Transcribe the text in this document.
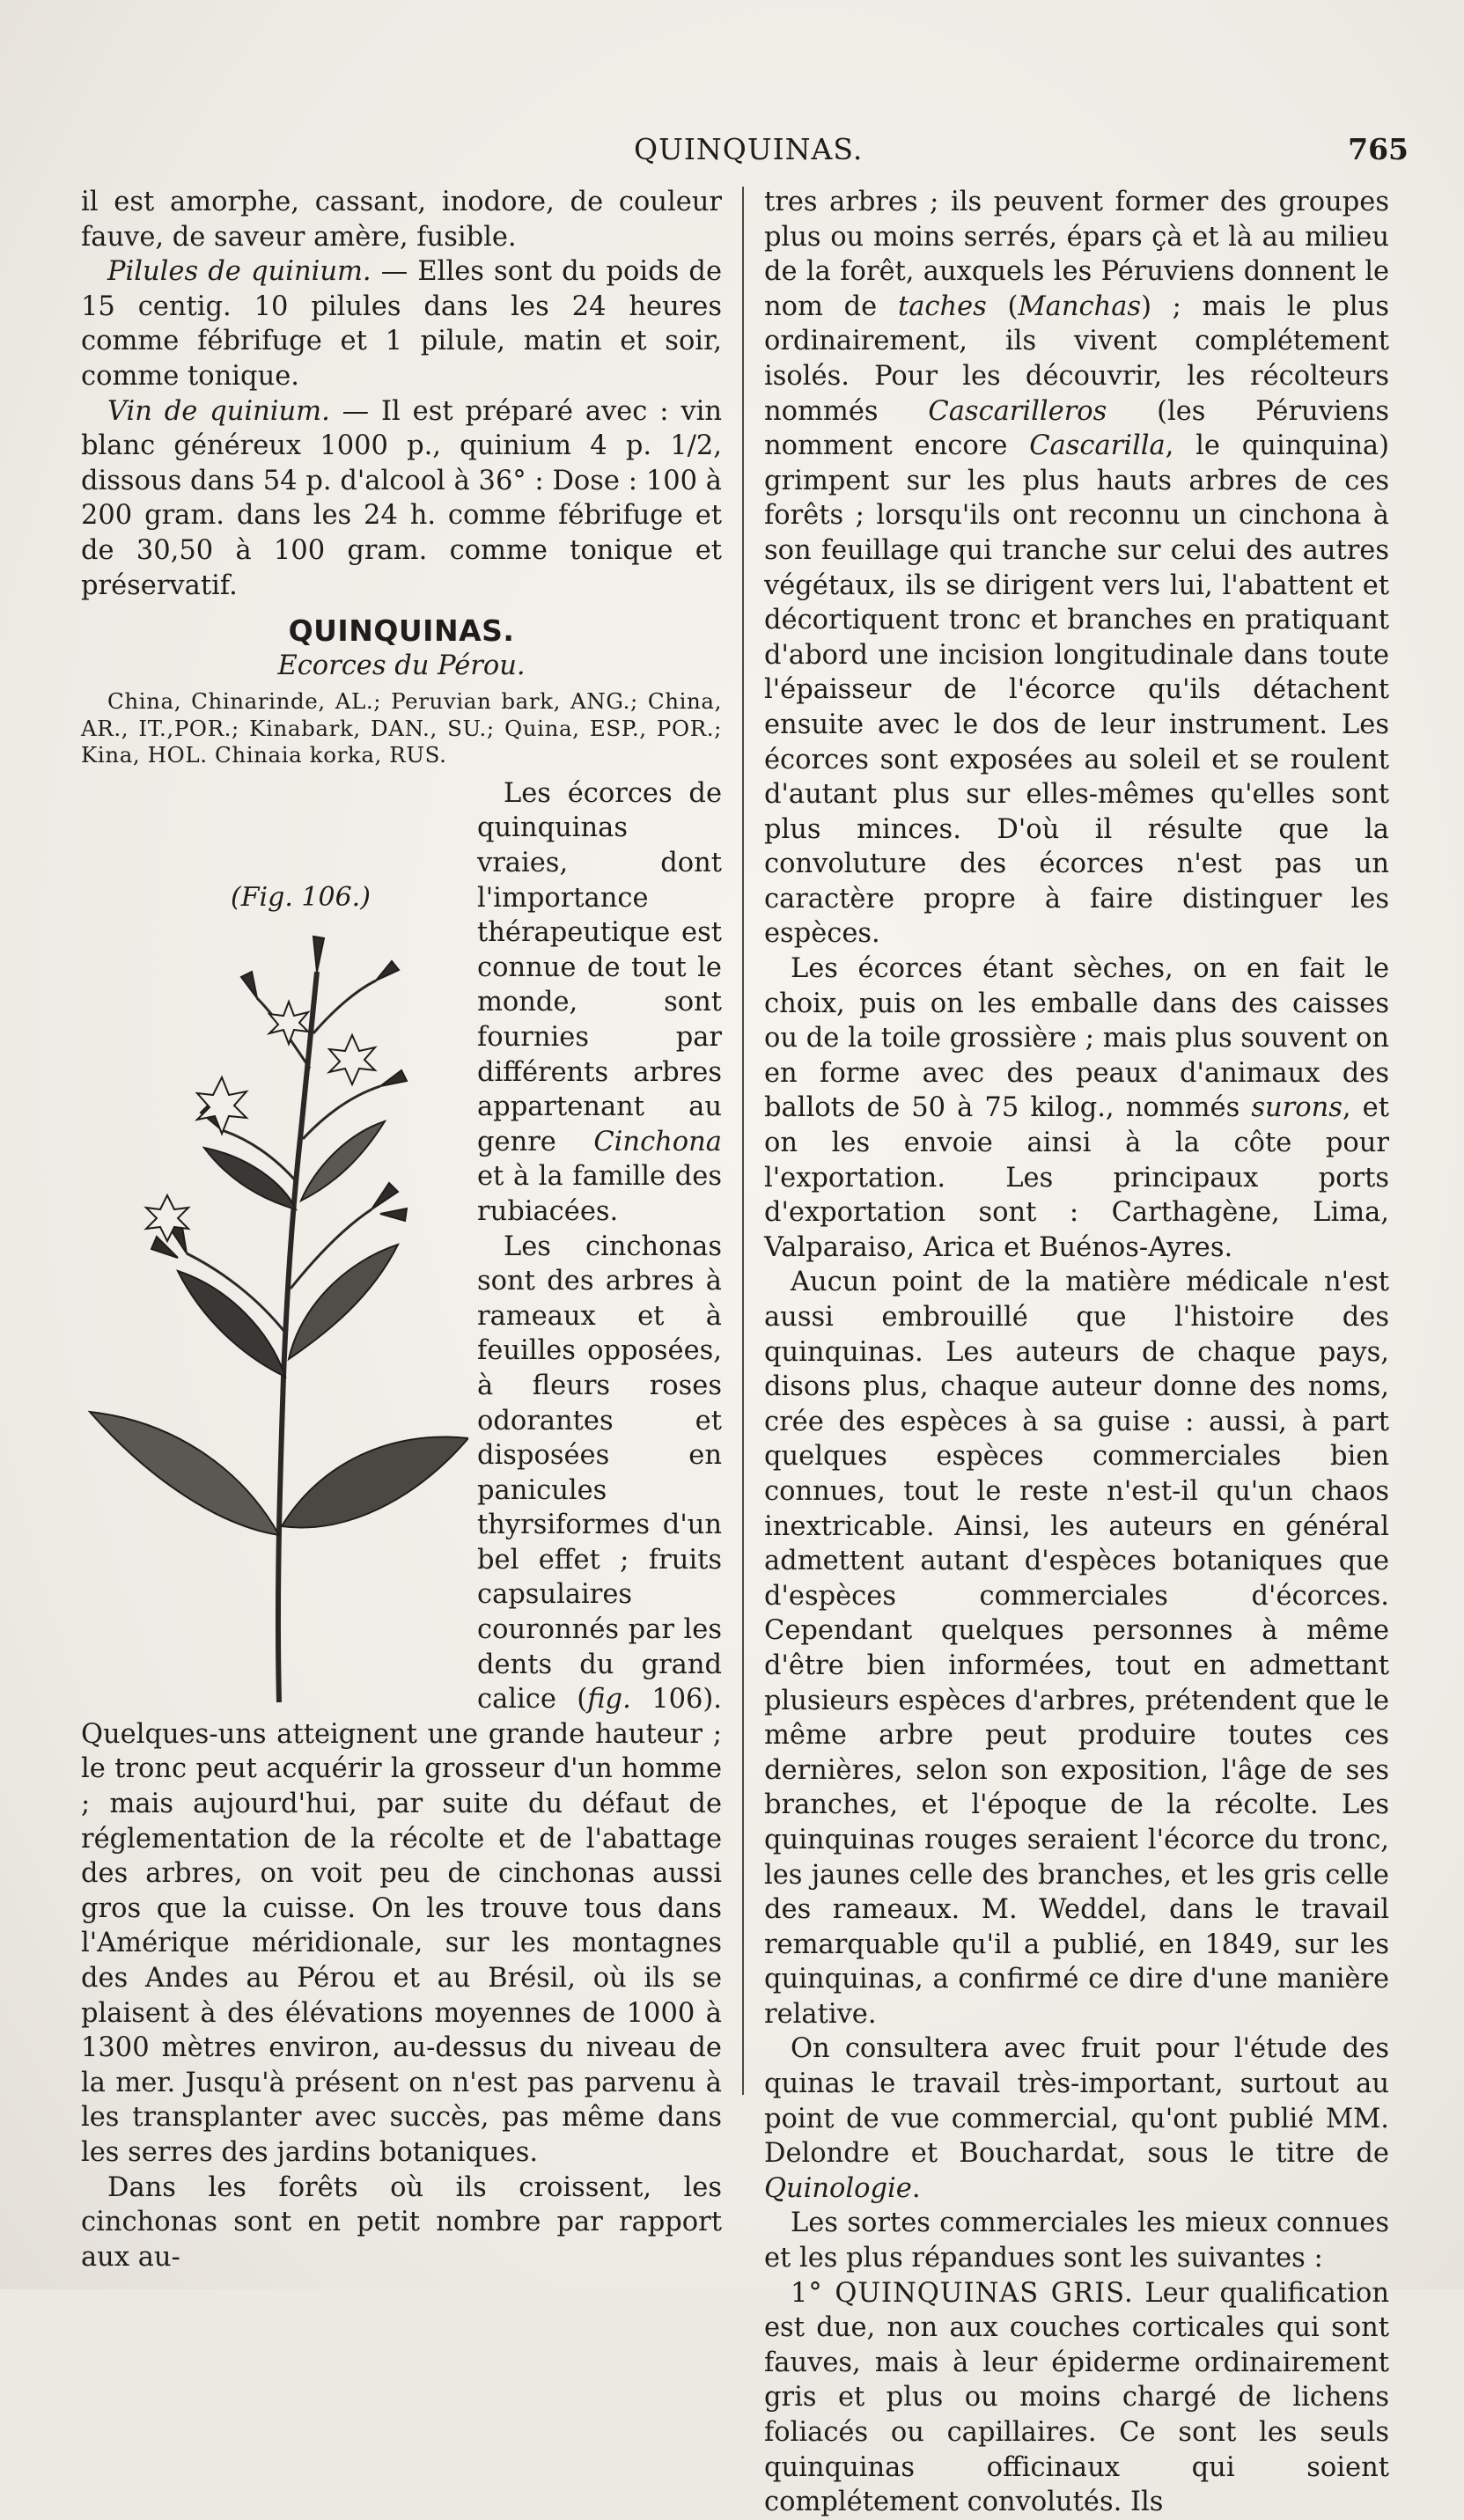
QUINQUINAS.	765

il est amorphe, cassant, inodore, de couleur fauve, de saveur amère, fusible.

Pilules de quinium. — Elles sont du poids de 15 centig. 10 pilules dans les 24 heures comme fébrifuge et 1 pilule, matin et soir, comme tonique.

Vin de quinium. — Il est préparé avec : vin blanc généreux 1000 p., quinium 4 p. 1/2, dissous dans 54 p. d'alcool à 36° : Dose : 100 à 200 gram. dans les 24 h. comme fébrifuge et de 30,50 à 100 gram. comme tonique et préservatif.

QUINQUINAS.
Ecorces du Pérou.

China, Chinarinde, AL.; Peruvian bark, ANG.; China, AR., IT.,POR.; Kinabark, DAN., SU.; Quina, ESP., POR.; Kina, HOL. Chinaia korka, RUS.

(Fig. 106.)
Les écorces de quinquinas vraies, dont l'importance thérapeutique est connue de tout le monde, sont fournies par différents arbres appartenant au genre Cinchona et à la famille des rubiacées.

Les cinchonas sont des arbres à rameaux et à feuilles opposées, à fleurs roses odorantes et disposées en panicules thyrsiformes d'un bel effet ; fruits capsulaires couronnés par les dents du grand calice (fig. 106). Quelques-uns atteignent une grande hauteur ; le tronc peut acquérir la grosseur d'un homme ; mais aujourd'hui, par suite du défaut de réglementation de la récolte et de l'abattage des arbres, on voit peu de cinchonas aussi gros que la cuisse. On les trouve tous dans l'Amérique méridionale, sur les montagnes des Andes au Pérou et au Brésil, où ils se plaisent à des élévations moyennes de 1000 à 1300 mètres environ, au-dessus du niveau de la mer. Jusqu'à présent on n'est pas parvenu à les transplanter avec succès, pas même dans les serres des jardins botaniques.

Dans les forêts où ils croissent, les cinchonas sont en petit nombre par rapport aux au-

tres arbres ; ils peuvent former des groupes plus ou moins serrés, épars çà et là au milieu de la forêt, auxquels les Péruviens donnent le nom de taches (Manchas) ; mais le plus ordinairement, ils vivent complétement isolés. Pour les découvrir, les récolteurs nommés Cascarilleros (les Péruviens nomment encore Cascarilla, le quinquina) grimpent sur les plus hauts arbres de ces forêts ; lorsqu'ils ont reconnu un cinchona à son feuillage qui tranche sur celui des autres végétaux, ils se dirigent vers lui, l'abattent et décortiquent tronc et branches en pratiquant d'abord une incision longitudinale dans toute l'épaisseur de l'écorce qu'ils détachent ensuite avec le dos de leur instrument. Les écorces sont exposées au soleil et se roulent d'autant plus sur elles-mêmes qu'elles sont plus minces. D'où il résulte que la convoluture des écorces n'est pas un caractère propre à faire distinguer les espèces.

Les écorces étant sèches, on en fait le choix, puis on les emballe dans des caisses ou de la toile grossière ; mais plus souvent on en forme avec des peaux d'animaux des ballots de 50 à 75 kilog., nommés surons, et on les envoie ainsi à la côte pour l'exportation. Les principaux ports d'exportation sont : Carthagène, Lima, Valparaiso, Arica et Buénos-Ayres.

Aucun point de la matière médicale n'est aussi embrouillé que l'histoire des quinquinas. Les auteurs de chaque pays, disons plus, chaque auteur donne des noms, crée des espèces à sa guise : aussi, à part quelques espèces commerciales bien connues, tout le reste n'est-il qu'un chaos inextricable. Ainsi, les auteurs en général admettent autant d'espèces botaniques que d'espèces commerciales d'écorces. Cependant quelques personnes à même d'être bien informées, tout en admettant plusieurs espèces d'arbres, prétendent que le même arbre peut produire toutes ces dernières, selon son exposition, l'âge de ses branches, et l'époque de la récolte. Les quinquinas rouges seraient l'écorce du tronc, les jaunes celle des branches, et les gris celle des rameaux. M. Weddel, dans le travail remarquable qu'il a publié, en 1849, sur les quinquinas, a confirmé ce dire d'une manière relative.

On consultera avec fruit pour l'étude des quinas le travail très-important, surtout au point de vue commercial, qu'ont publié MM. Delondre et Bouchardat, sous le titre de Quinologie.

Les sortes commerciales les mieux connues et les plus répandues sont les suivantes :

1° QUINQUINAS GRIS. Leur qualification est due, non aux couches corticales qui sont fauves, mais à leur épiderme ordinairement gris et plus ou moins chargé de lichens foliacés ou capillaires. Ce sont les seuls quinquinas officinaux qui soient complétement convolutés. Ils
